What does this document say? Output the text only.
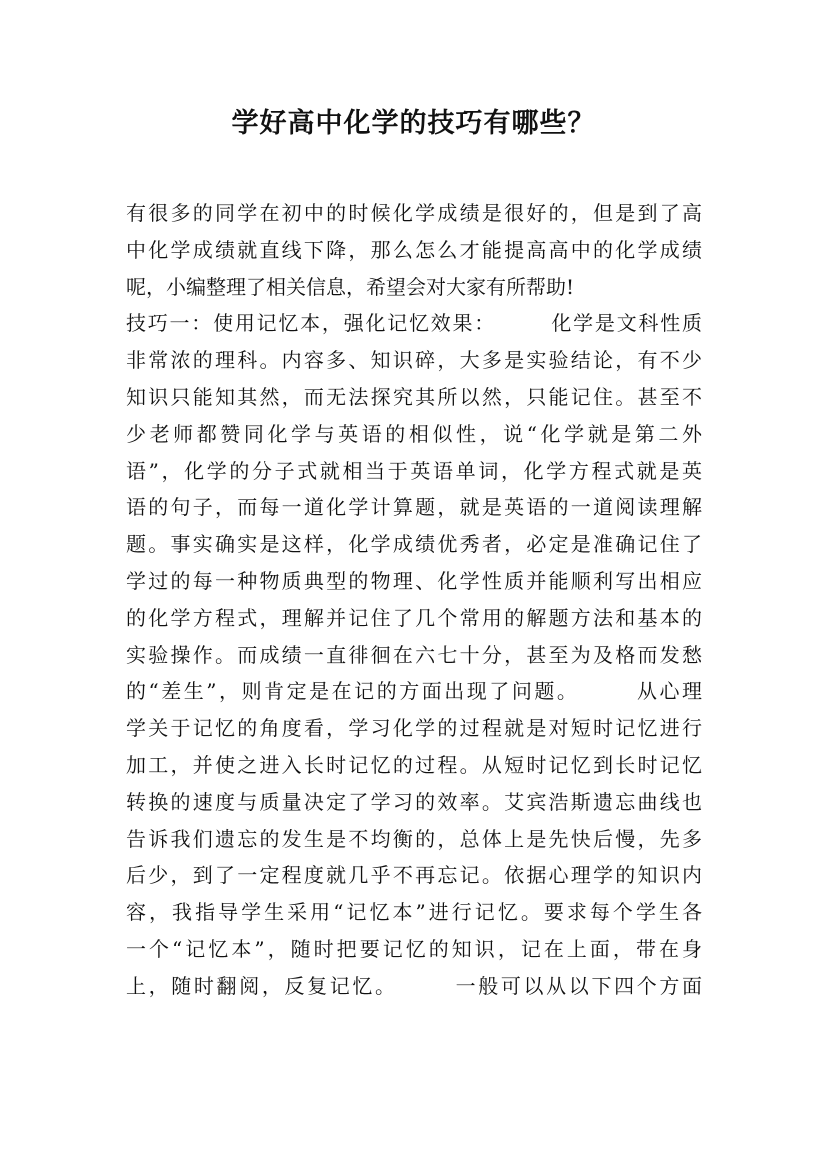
学好高中化学的技巧有哪些？
有很多的同学在初中的时候化学成绩是很好的，但是到了高
中化学成绩就直线下降，那么怎么才能提高高中的化学成绩
呢，小编整理了相关信息，希望会对大家有所帮助!
技巧一：使用记忆本，强化记忆效果：　　　化学是文科性质
非常浓的理科。内容多、知识碎，大多是实验结论，有不少
知识只能知其然，而无法探究其所以然，只能记住。甚至不
少老师都赞同化学与英语的相似性，说“化学就是第二外
语”，化学的分子式就相当于英语单词，化学方程式就是英
语的句子，而每一道化学计算题，就是英语的一道阅读理解
题。事实确实是这样，化学成绩优秀者，必定是准确记住了
学过的每一种物质典型的物理、化学性质并能顺利写出相应
的化学方程式，理解并记住了几个常用的解题方法和基本的
实验操作。而成绩一直徘徊在六七十分，甚至为及格而发愁
的“差生”，则肯定是在记的方面出现了问题。　　　从心理
学关于记忆的角度看，学习化学的过程就是对短时记忆进行
加工，并使之进入长时记忆的过程。从短时记忆到长时记忆
转换的速度与质量决定了学习的效率。艾宾浩斯遗忘曲线也
告诉我们遗忘的发生是不均衡的，总体上是先快后慢，先多
后少，到了一定程度就几乎不再忘记。依据心理学的知识内
容，我指导学生采用“记忆本”进行记忆。要求每个学生各
一个“记忆本”，随时把要记忆的知识，记在上面，带在身
上，随时翻阅，反复记忆。　　　一般可以从以下四个方面
